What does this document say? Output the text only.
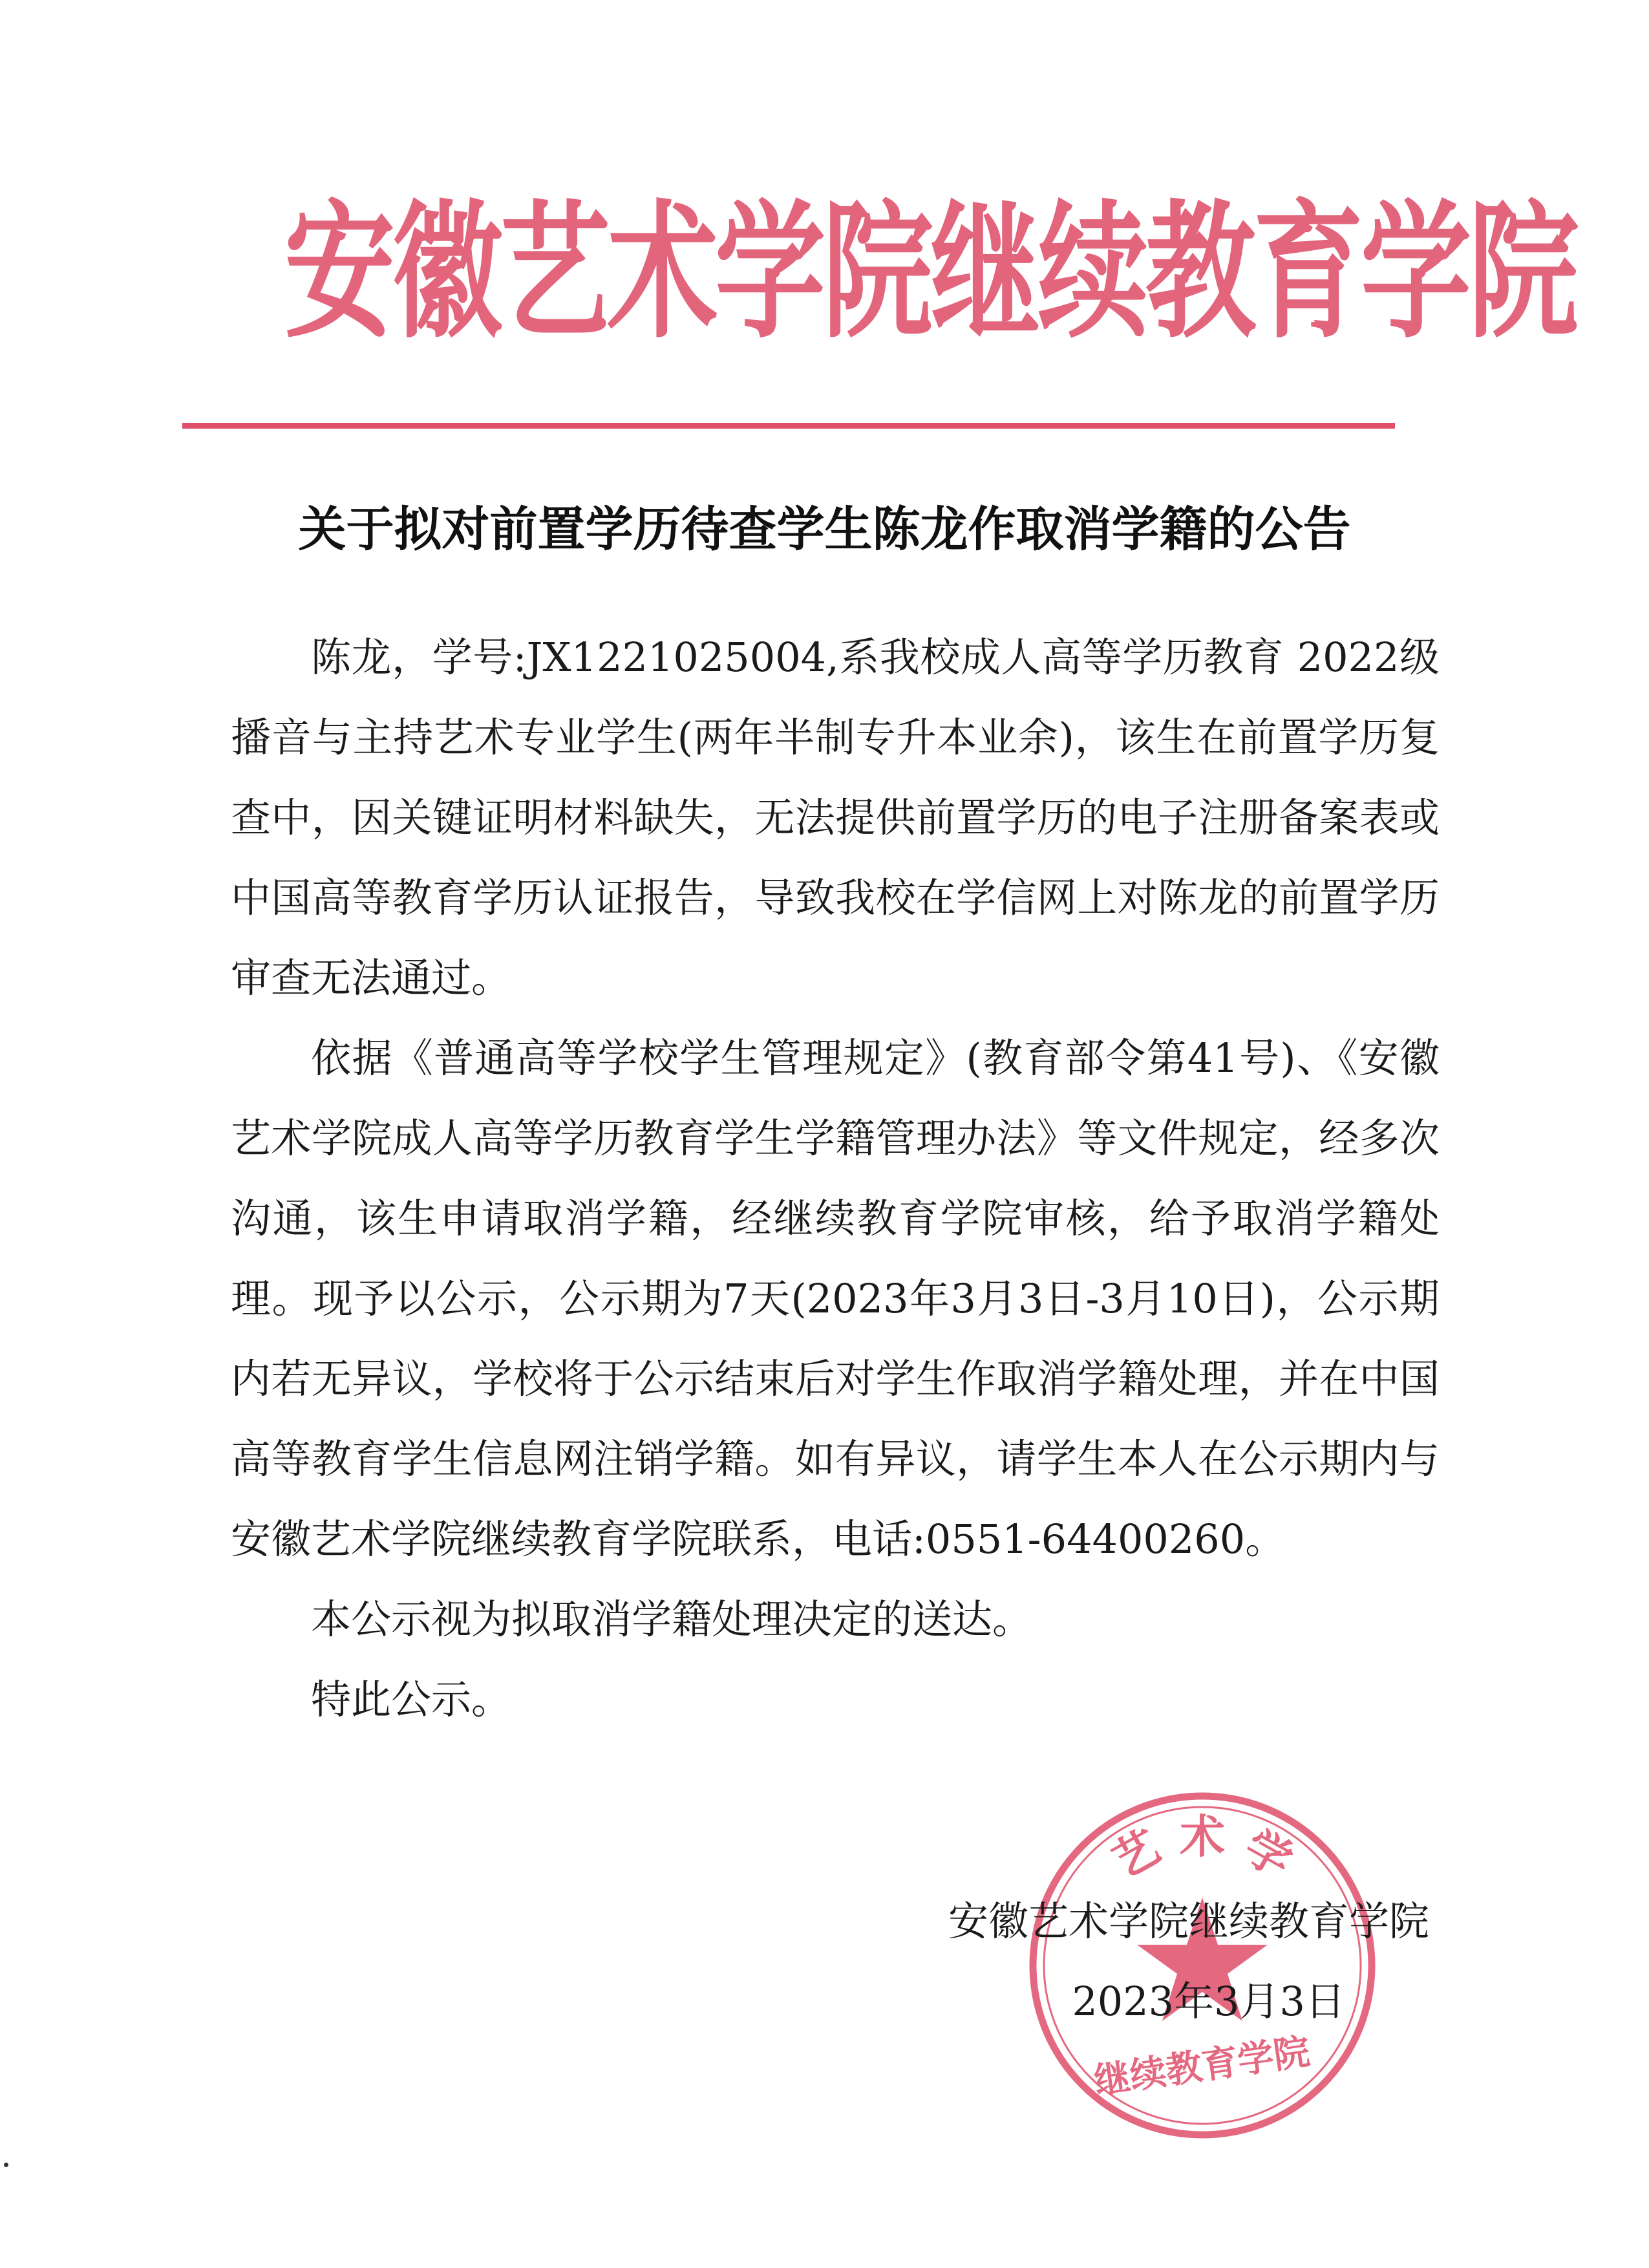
安徽艺术学院继续教育学院
关于拟对前置学历待查学生陈龙作取消学籍的公告

陈龙，学号:JX1221025004,系我校成人高等学历教育 2022级播音与主持艺术专业学生(两年半制专升本业余)，该生在前置学历复查中，因关键证明材料缺失，无法提供前置学历的电子注册备案表或中国高等教育学历认证报告，导致我校在学信网上对陈龙的前置学历审查无法通过。

依据《普通高等学校学生管理规定》(教育部令第41号)、《安徽艺术学院成人高等学历教育学生学籍管理办法》等文件规定，经多次沟通，该生申请取消学籍，经继续教育学院审核，给予取消学籍处理。现予以公示，公示期为7天(2023年3月3日-3月10日)，公示期内若无异议，学校将于公示结束后对学生作取消学籍处理，并在中国高等教育学生信息网注销学籍。如有异议，请学生本人在公示期内与安徽艺术学院继续教育学院联系，电话:0551-64400260。

本公示视为拟取消学籍处理决定的送达。

特此公示。

艺 术 学
继续教育学院
安徽艺术学院继续教育学院
2023年3月3日
